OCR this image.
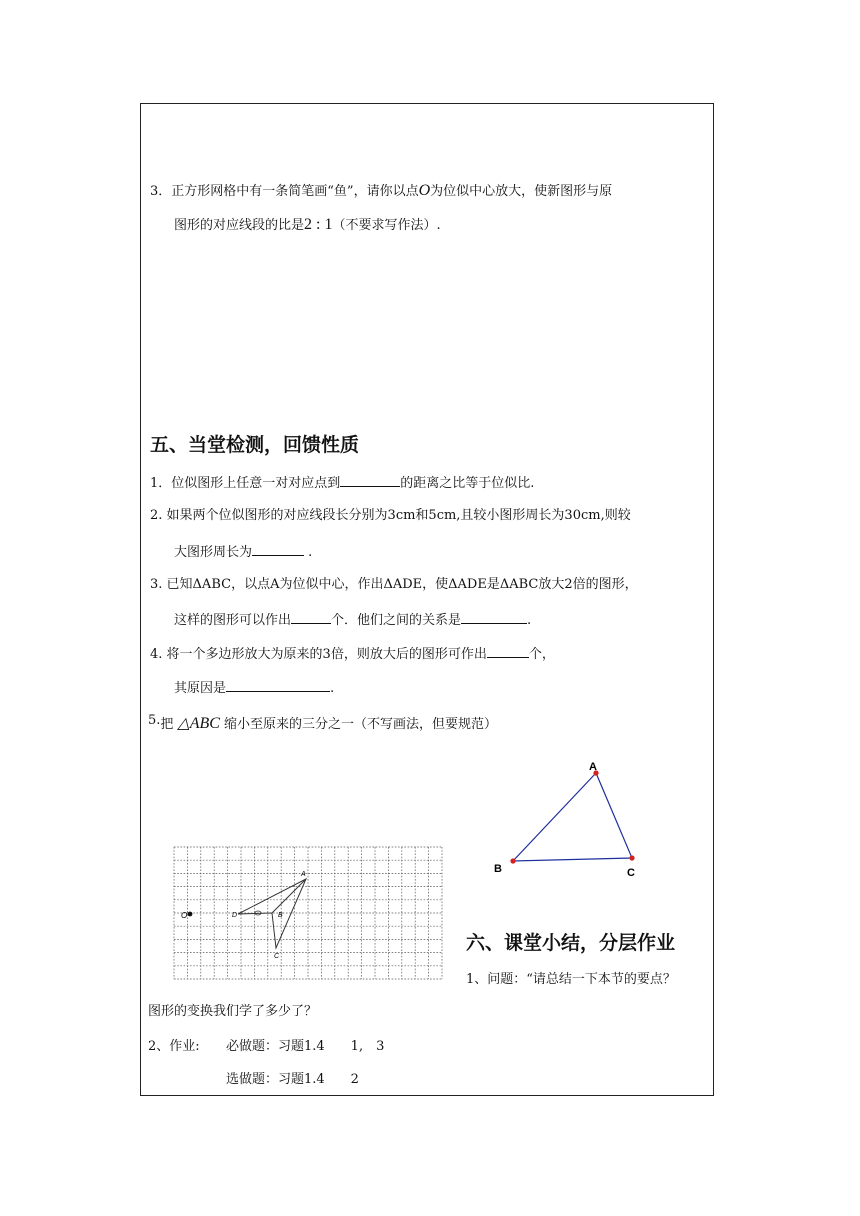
3．正方形网格中有一条简笔画“鱼”，请你以点O为位似中心放大，使新图形与原
图形的对应线段的比是2 : 1（不要求写作法）.
五、当堂检测，回馈性质
1．位似图形上任意一对对应点到	的距离之比等于位似比.
2. 如果两个位似图形的对应线段长分别为3cm和5cm,且较小图形周长为30cm,则较
大图形周长为	.
3. 已知ΔABC，以点A为位似中心，作出ΔADE，使ΔADE是ΔABC放大2倍的图形，
这样的图形可以作出	个．他们之间的关系是	.
4. 将一个多边形放大为原来的3倍，则放大后的图形可作出	个，
其原因是	.
5.把 △ABC 缩小至原来的三分之一（不写画法，但要规范）
A
B	C
O
A
D	B
C
六、课堂小结，分层作业
1、问题：“请总结一下本节的要点？
图形的变换我们学了多少了？
2、作业: 必做题：习题1.4　　1,　3
选做题：习题1.4　　2
